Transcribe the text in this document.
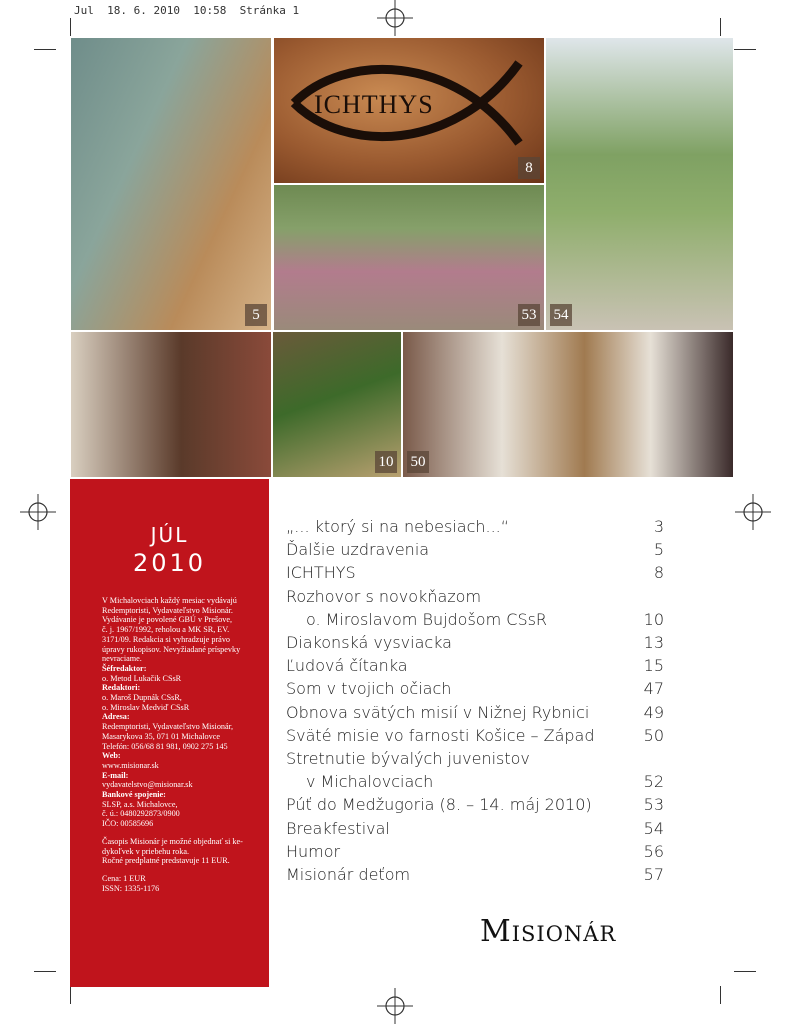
Jul  18. 6. 2010  10:58  Stránka 1
5
ICHTHYS
8
54
53
10 50
JÚL
2010
V Michalovciach každý mesiac vydávajú
Redemptoristi, Vydavateľstvo Misionár.
Vydávanie je povolené GBÚ v Prešove,
č. j. 1967/1992, reholou a MK SR, EV.
3171/09. Redakcia si vyhradzuje právo
úpravy rukopisov. Nevyžiadané príspevky
nevraciame.
Šéfredaktor:
o. Metod Lukačik CSsR
Redaktori:
o. Maroš Dupnák CSsR,
o. Miroslav Medviď CSsR
Adresa:
Redemptoristi, Vydavateľstvo Misionár,
Masarykova 35, 071 01 Michalovce
Telefón: 056/68 81 981, 0902 275 145
Web:
www.misionar.sk
E-mail:
vydavatelstvo@misionar.sk
Bankové spojenie:
SLSP, a.s. Michalovce,
č. ú.: 0480292873/0900
IČO: 00585696
Časopis Misionár je možné objednať si ke-
dykoľvek v priebehu roka.
Ročné predplatné predstavuje 11 EUR.
Cena: 1 EUR
ISSN: 1335-1176
„... ktorý si na nebesiach...“	3
Ďalšie uzdravenia	5
ICHTHYS	8
Rozhovor s novokňazom
o. Miroslavom Bujdošom CSsR	10
Diakonská vysviacka	13
Ľudová čítanka	15
Som v tvojich očiach	47
Obnova svätých misií v Nižnej Rybnici	49
Sväté misie vo farnosti Košice – Západ	50
Stretnutie bývalých juvenistov
v Michalovciach	52
Púť do Medžugoria (8. – 14. máj 2010)	53
Breakfestival	54
Humor	56
Misionár deťom	57
Misionár
